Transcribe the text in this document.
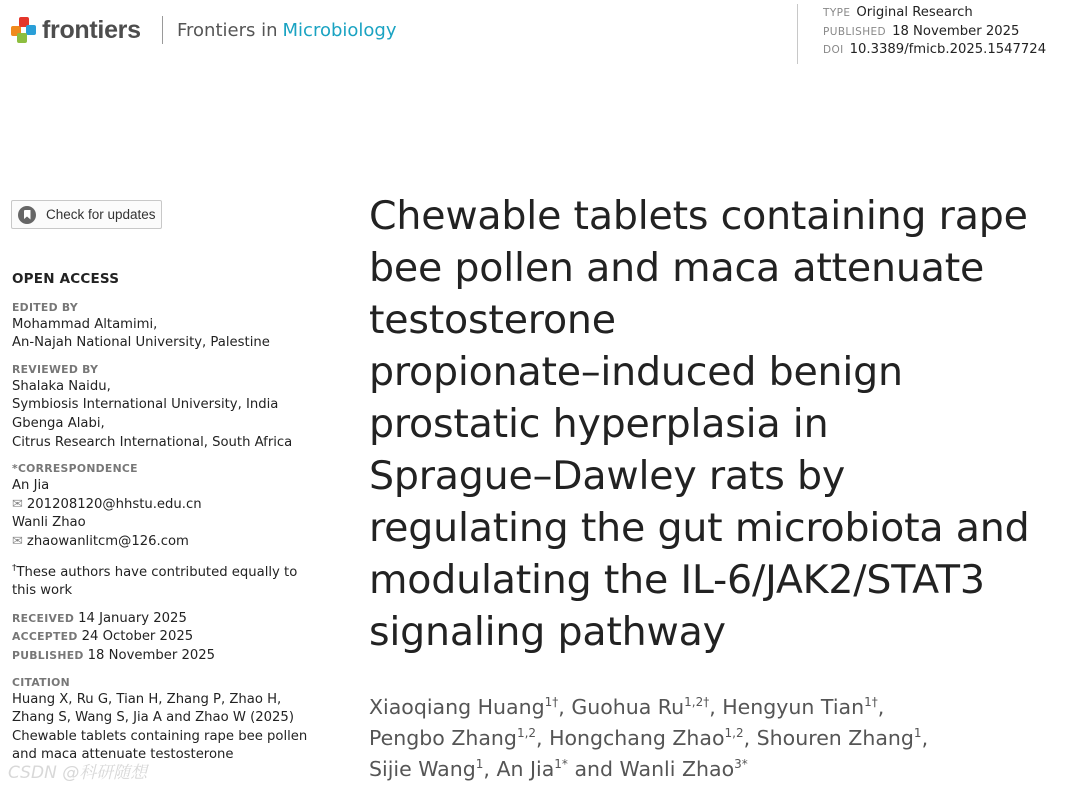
frontiers Frontiers in Microbiology
TYPE Original Research
PUBLISHED 18 November 2025
DOI 10.3389/fmicb.2025.1547724
Check for updates
OPEN ACCESS
EDITED BY
Mohammad Altamimi,
An-Najah National University, Palestine
REVIEWED BY
Shalaka Naidu,
Symbiosis International University, India
Gbenga Alabi,
Citrus Research International, South Africa
*CORRESPONDENCE
An Jia
✉ 201208120@hhstu.edu.cn
Wanli Zhao
✉ zhaowanlitcm@126.com
†These authors have contributed equally to this work
RECEIVED 14 January 2025
ACCEPTED 24 October 2025
PUBLISHED 18 November 2025
CITATION
Huang X, Ru G, Tian H, Zhang P, Zhao H, Zhang S, Wang S, Jia A and Zhao W (2025) Chewable tablets containing rape bee pollen and maca attenuate testosterone
CSDN @科研随想
Chewable tablets containing rape
bee pollen and maca attenuate
testosterone
propionate–induced benign
prostatic hyperplasia in
Sprague–Dawley rats by
regulating the gut microbiota and
modulating the IL-6/JAK2/STAT3
signaling pathway
Xiaoqiang Huang$^{1\dagger}$, Guohua $Ru^{1,2\dagger}$, Hengyun Tian$^{1\dagger}$,
Pengbo Zhang$^{1,2}$, Hongchang Zhao$^{1,2}$, Shouren Zhang$^1$,
Sijie Wang$^1$, An Jia$^{1*}$ and Wanli Zhao$^{3*}$
